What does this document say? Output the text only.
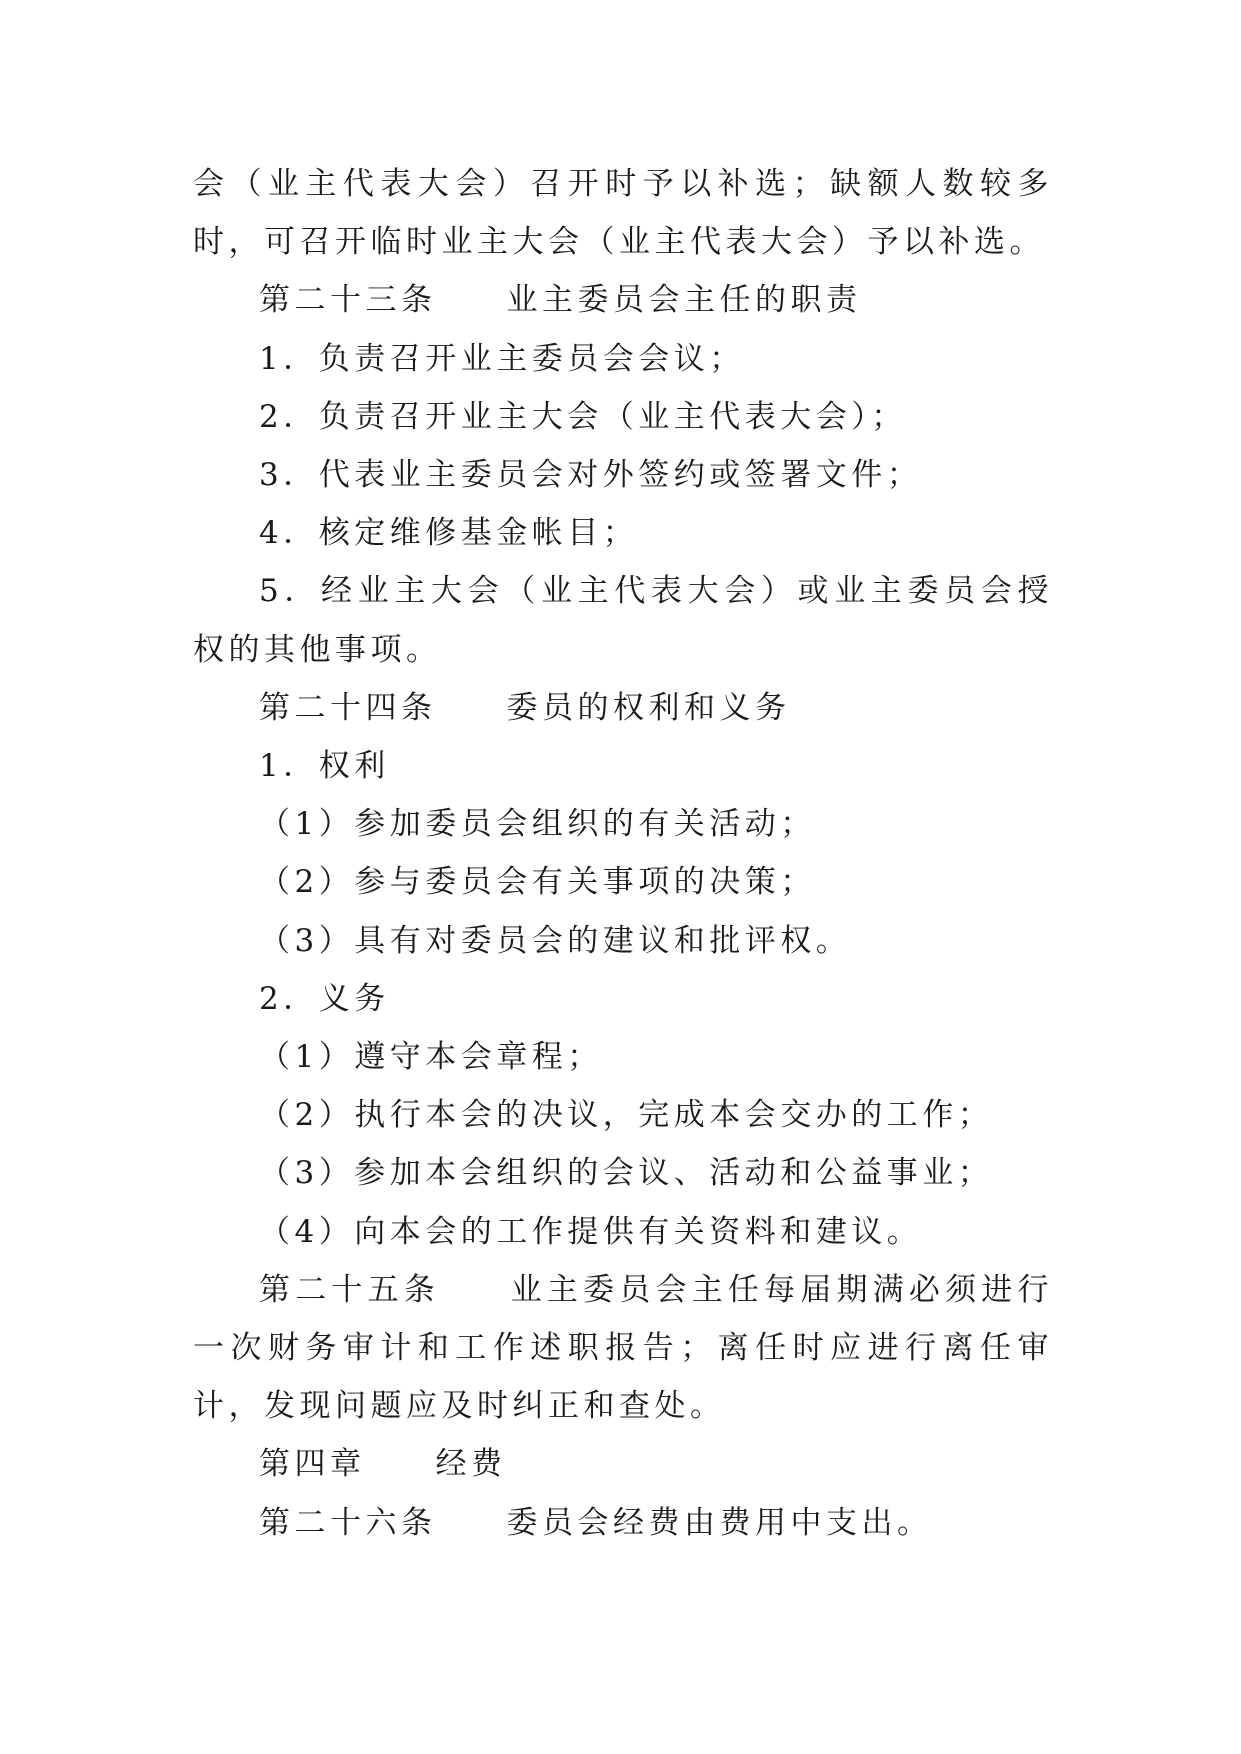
会（业主代表大会）召开时予以补选；缺额人数较多时，可召开临时业主大会（业主代表大会）予以补选。

第二十三条 业主委员会主任的职责

1．负责召开业主委员会会议；

2．负责召开业主大会（业主代表大会）；

3．代表业主委员会对外签约或签署文件；

4．核定维修基金帐目；

5．经业主大会（业主代表大会）或业主委员会授权的其他事项。

第二十四条 委员的权利和义务

1．权利

（1）参加委员会组织的有关活动；

（2）参与委员会有关事项的决策；

（3）具有对委员会的建议和批评权。

2．义务

（1）遵守本会章程；

（2）执行本会的决议，完成本会交办的工作；

（3）参加本会组织的会议、活动和公益事业；

（4）向本会的工作提供有关资料和建议。

第二十五条 业主委员会主任每届期满必须进行一次财务审计和工作述职报告；离任时应进行离任审计，发现问题应及时纠正和查处。

第四章 经费

第二十六条 委员会经费由费用中支出。
